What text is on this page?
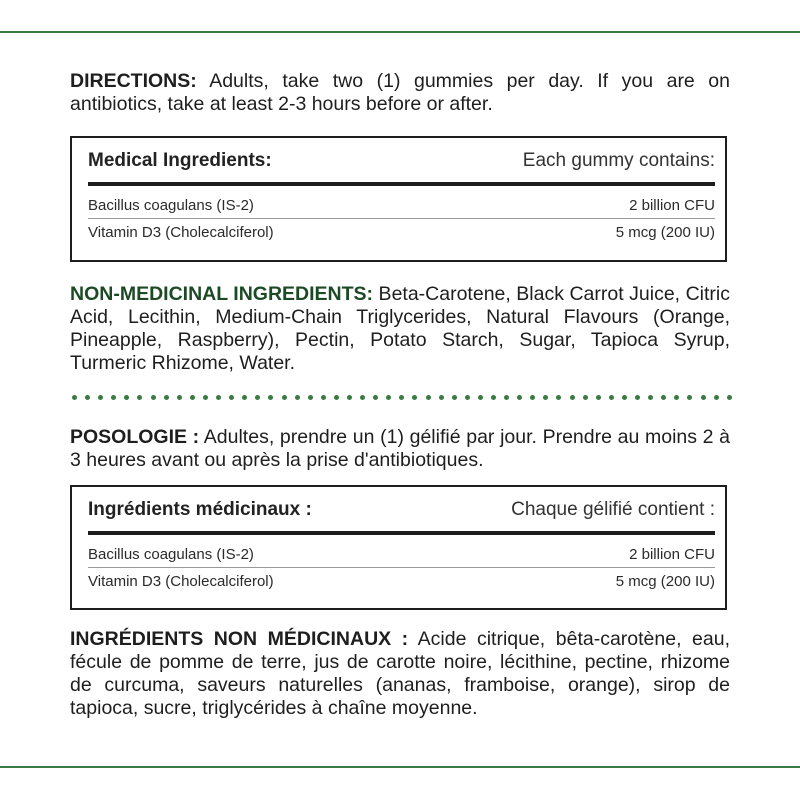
DIRECTIONS: Adults, take two (1) gummies per day. If you are on antibiotics, take at least 2-3 hours before or after.

Medical Ingredients:	Each gummy contains:
Bacillus coagulans (IS-2)	2 billion CFU
Vitamin D3 (Cholecalciferol)	5 mcg (200 IU)

NON-MEDICINAL INGREDIENTS: Beta-Carotene, Black Carrot Juice, Citric Acid, Lecithin, Medium-Chain Triglycerides, Natural Flavours (Orange, Pineapple, Raspberry), Pectin, Potato Starch, Sugar, Tapioca Syrup, Turmeric Rhizome, Water.

POSOLOGIE : Adultes, prendre un (1) gélifié par jour. Prendre au moins 2 à 3 heures avant ou après la prise d'antibiotiques.

Ingrédients médicinaux :	Chaque gélifié contient :
Bacillus coagulans (IS-2)	2 billion CFU
Vitamin D3 (Cholecalciferol)	5 mcg (200 IU)

INGRÉDIENTS NON MÉDICINAUX : Acide citrique, bêta-carotène, eau, fécule de pomme de terre, jus de carotte noire, lécithine, pectine, rhizome de curcuma, saveurs naturelles (ananas, framboise, orange), sirop de tapioca, sucre, triglycérides à chaîne moyenne.
